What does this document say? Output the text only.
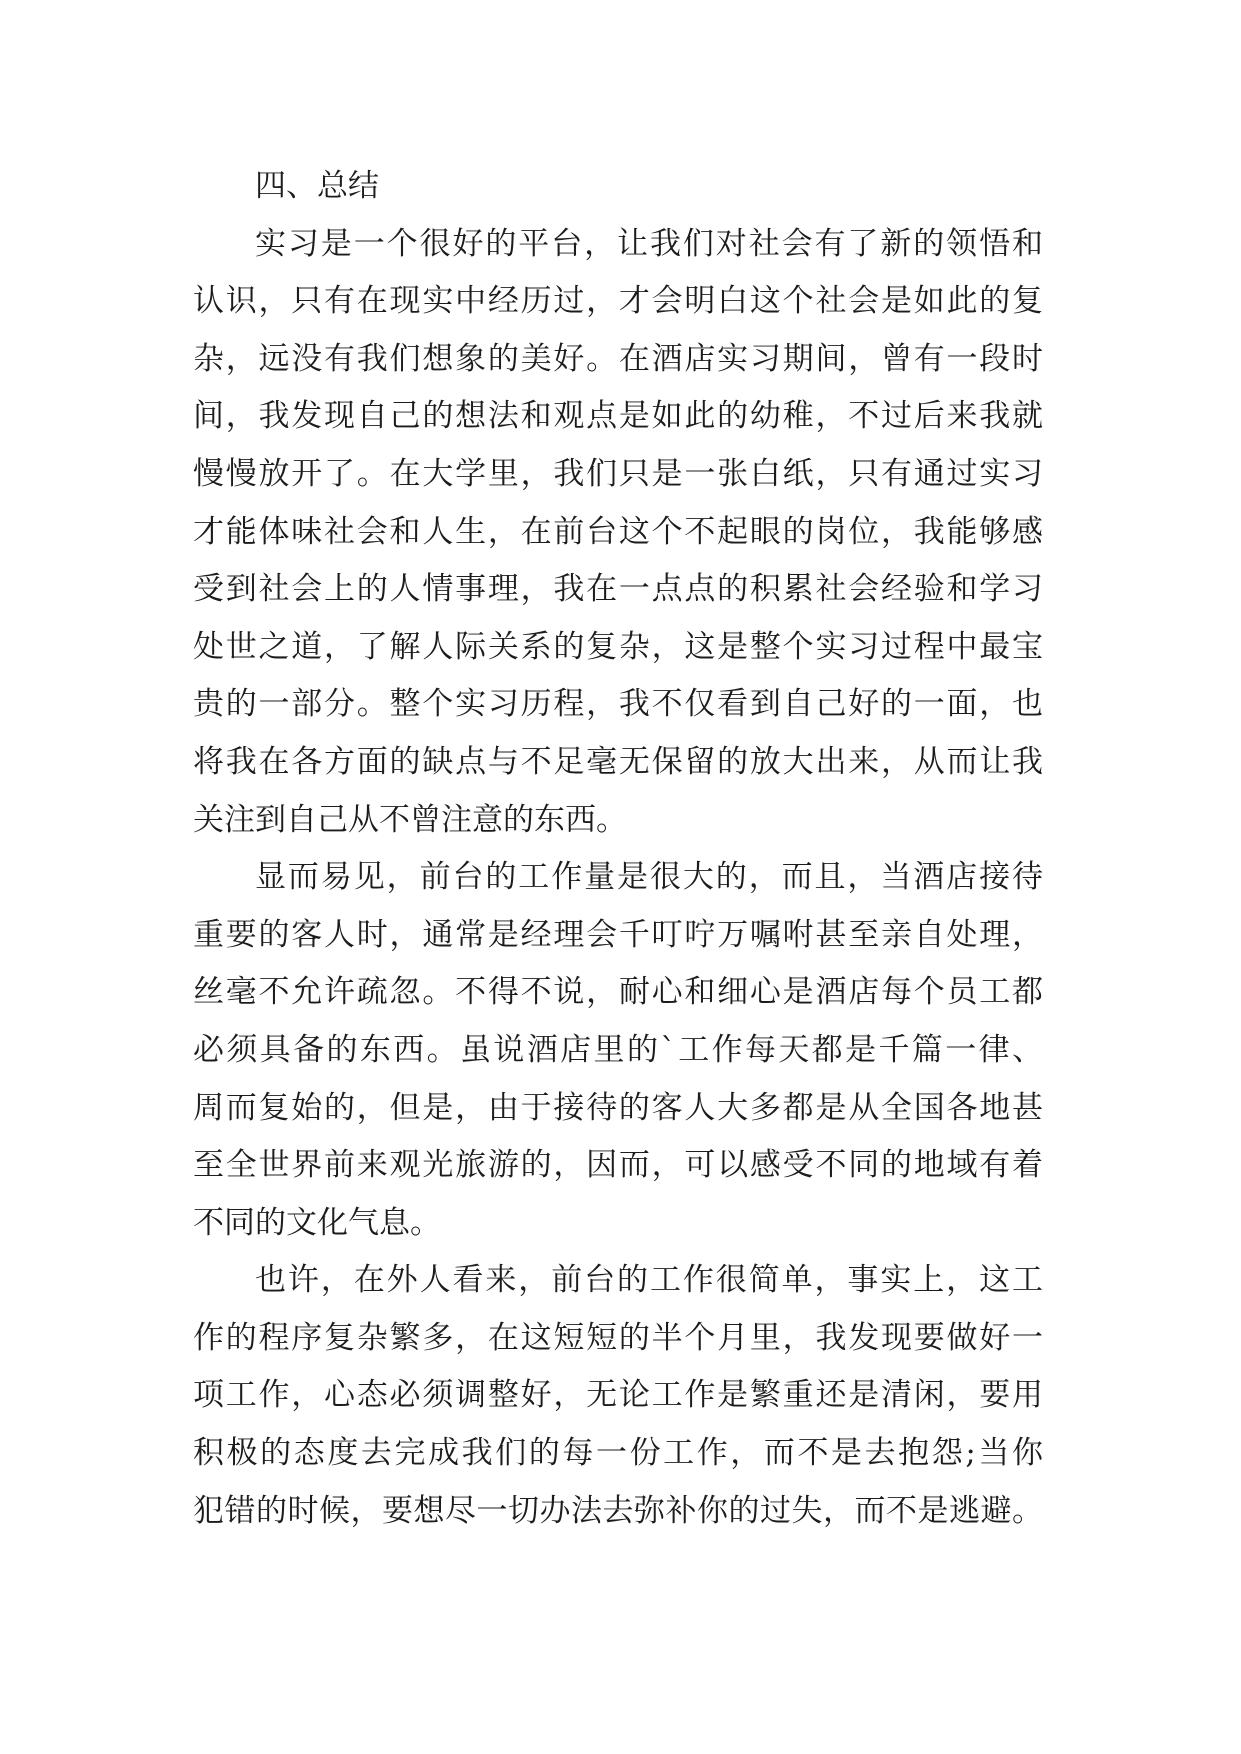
四、总结
实习是一个很好的平台，让我们对社会有了新的领悟和
认识，只有在现实中经历过，才会明白这个社会是如此的复
杂，远没有我们想象的美好。在酒店实习期间，曾有一段时
间，我发现自己的想法和观点是如此的幼稚，不过后来我就
慢慢放开了。在大学里，我们只是一张白纸，只有通过实习
才能体味社会和人生，在前台这个不起眼的岗位，我能够感
受到社会上的人情事理，我在一点点的积累社会经验和学习
处世之道，了解人际关系的复杂，这是整个实习过程中最宝
贵的一部分。整个实习历程，我不仅看到自己好的一面，也
将我在各方面的缺点与不足毫无保留的放大出来，从而让我
关注到自己从不曾注意的东西。
显而易见，前台的工作量是很大的，而且，当酒店接待
重要的客人时，通常是经理会千叮咛万嘱咐甚至亲自处理，
丝毫不允许疏忽。不得不说，耐心和细心是酒店每个员工都
必须具备的东西。虽说酒店里的`工作每天都是千篇一律、
周而复始的，但是，由于接待的客人大多都是从全国各地甚
至全世界前来观光旅游的，因而，可以感受不同的地域有着
不同的文化气息。
也许，在外人看来，前台的工作很简单，事实上，这工
作的程序复杂繁多，在这短短的半个月里，我发现要做好一
项工作，心态必须调整好，无论工作是繁重还是清闲，要用
积极的态度去完成我们的每一份工作，而不是去抱怨;当你
犯错的时候，要想尽一切办法去弥补你的过失，而不是逃避。
